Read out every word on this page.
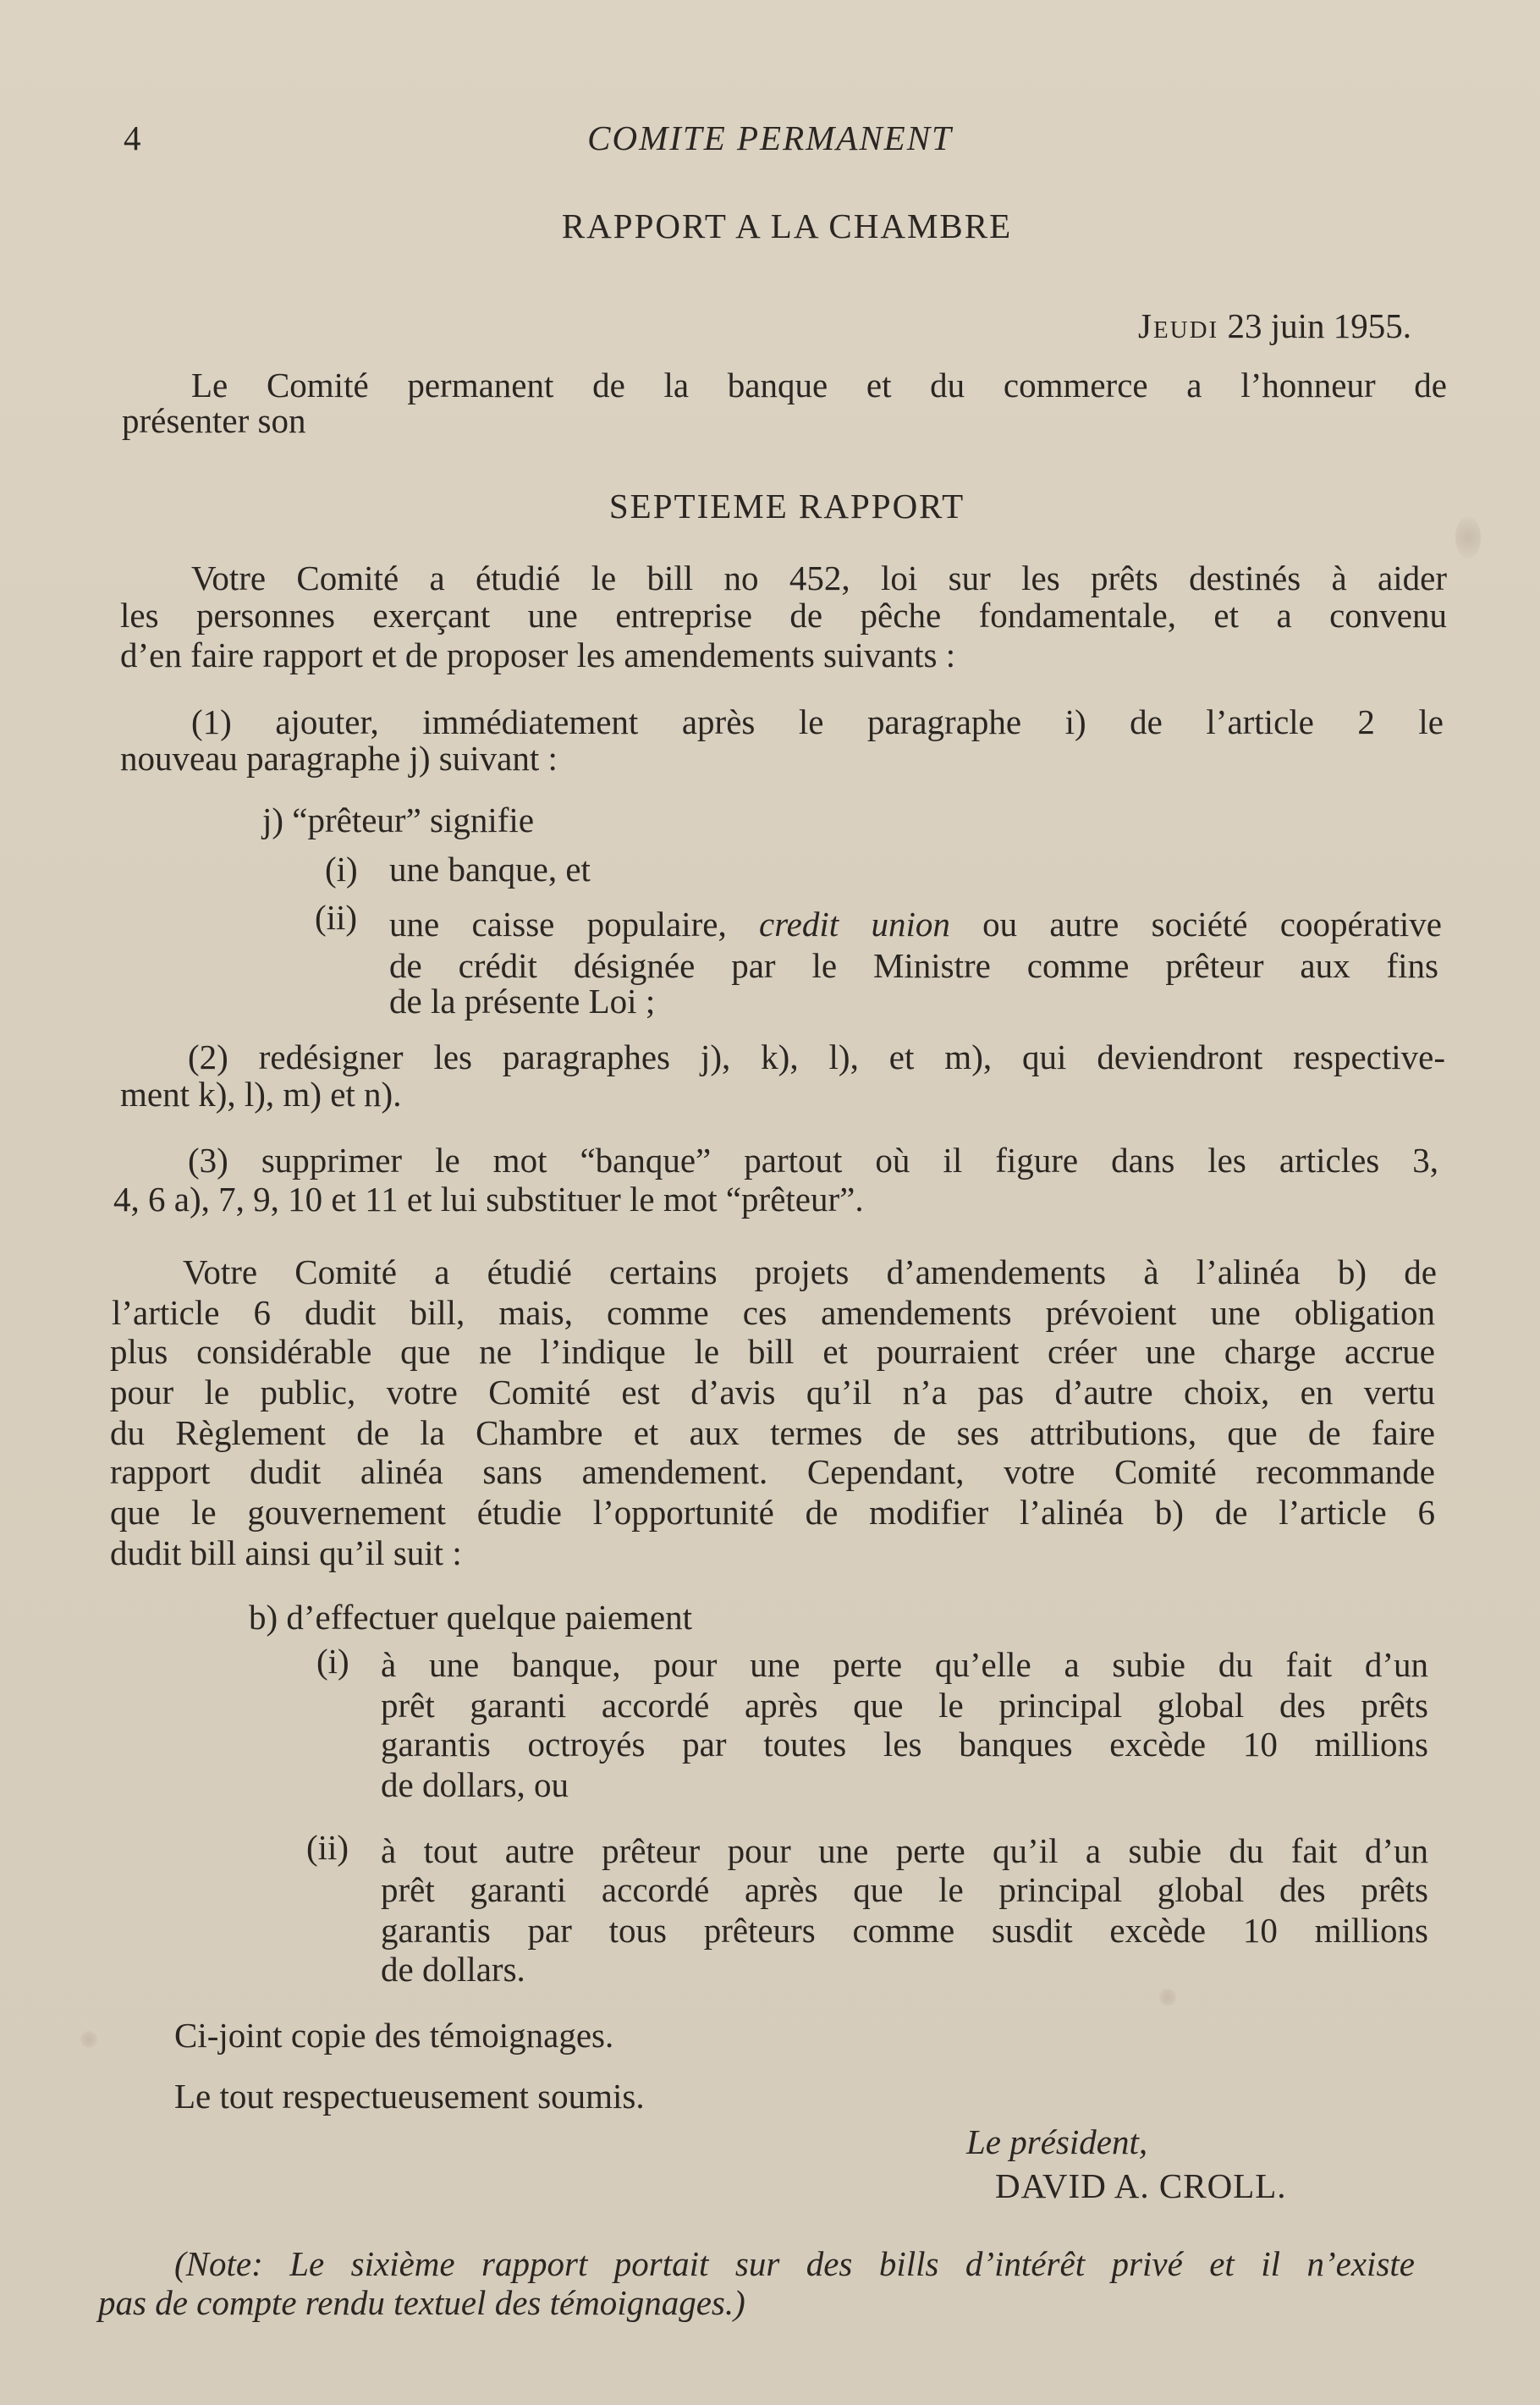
4	COMITE PERMANENT
RAPPORT A LA CHAMBRE
Jeudi 23 juin 1955.
Le Comité permanent de la banque et du commerce a l’honneur de
présenter son
SEPTIEME RAPPORT
Votre Comité a étudié le bill no 452, loi sur les prêts destinés à aider
les personnes exerçant une entreprise de pêche fondamentale, et a convenu
d’en faire rapport et de proposer les amendements suivants :
(1) ajouter, immédiatement après le paragraphe i) de l’article 2 le
nouveau paragraphe j) suivant :
j) “prêteur” signifie
(i) une banque, et
(ii) une caisse populaire, credit union ou autre société coopérative
de crédit désignée par le Ministre comme prêteur aux fins
de la présente Loi ;
(2) redésigner les paragraphes j), k), l), et m), qui deviendront respective-
ment k), l), m) et n).
(3) supprimer le mot “banque” partout où il figure dans les articles 3,
4, 6 a), 7, 9, 10 et 11 et lui substituer le mot “prêteur”.
Votre Comité a étudié certains projets d’amendements à l’alinéa b) de
l’article 6 dudit bill, mais, comme ces amendements prévoient une obligation
plus considérable que ne l’indique le bill et pourraient créer une charge accrue
pour le public, votre Comité est d’avis qu’il n’a pas d’autre choix, en vertu
du Règlement de la Chambre et aux termes de ses attributions, que de faire
rapport dudit alinéa sans amendement. Cependant, votre Comité recommande
que le gouvernement étudie l’opportunité de modifier l’alinéa b) de l’article 6
dudit bill ainsi qu’il suit :
b) d’effectuer quelque paiement
(i) à une banque, pour une perte qu’elle a subie du fait d’un
prêt garanti accordé après que le principal global des prêts
garantis octroyés par toutes les banques excède 10 millions
de dollars, ou
(ii) à tout autre prêteur pour une perte qu’il a subie du fait d’un
prêt garanti accordé après que le principal global des prêts
garantis par tous prêteurs comme susdit excède 10 millions
de dollars.
Ci-joint copie des témoignages.
Le tout respectueusement soumis.
Le président,
DAVID A. CROLL.
(Note: Le sixième rapport portait sur des bills d’intérêt privé et il n’existe
pas de compte rendu textuel des témoignages.)
